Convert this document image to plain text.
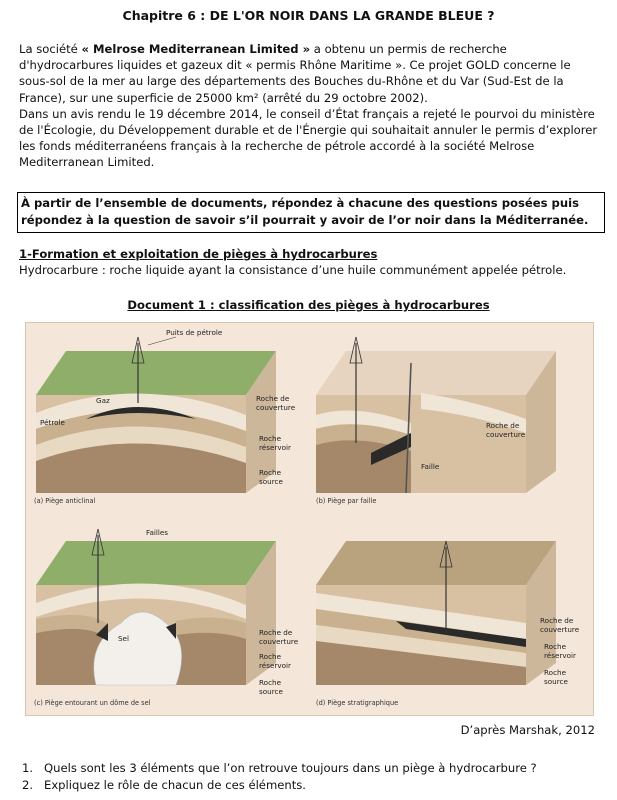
Chapitre 6 : DE L'OR NOIR DANS LA GRANDE BLEUE ?

La société « Melrose Mediterranean Limited » a obtenu un permis de recherche d'hydrocarbures liquides et gazeux dit « permis Rhône Maritime ». Ce projet GOLD concerne le sous-sol de la mer au large des départements des Bouches du-Rhône et du Var (Sud-Est de la France), sur une superficie de 25000 km² (arrêté du 29 octobre 2002).

Dans un avis rendu le 19 décembre 2014, le conseil d’État français a rejeté le pourvoi du ministère de l'Écologie, du Développement durable et de l'Énergie qui souhaitait annuler le permis d’explorer les fonds méditerranéens français à la recherche de pétrole accordé à la société Melrose Mediterranean Limited.

À partir de l’ensemble de documents, répondez à chacune des questions posées puis répondez à la question de savoir s’il pourrait y avoir de l’or noir dans la Méditerranée.
1-Formation et exploitation de pièges à hydrocarbures
Hydrocarbure : roche liquide ayant la consistance d’une huile communément appelée pétrole.
Document 1 : classification des pièges à hydrocarbures
Puits de pétrole
Gaz
Pétrole
Roche de
couverture
Roche
réservoir
Roche
source
(a) Piège anticlinal
Roche de
couverture
Faille
(b) Piège par faille
Failles
Sel
Roche de
couverture
Roche
réservoir
Roche
source
(c) Piège entourant un dôme de sel
Roche de
couverture
Roche
réservoir
Roche
source
(d) Piège stratigraphique
D’après Marshak, 2012
1. Quels sont les 3 éléments que l’on retrouve toujours dans un piège à hydrocarbure ?
2. Expliquez le rôle de chacun de ces éléments.
